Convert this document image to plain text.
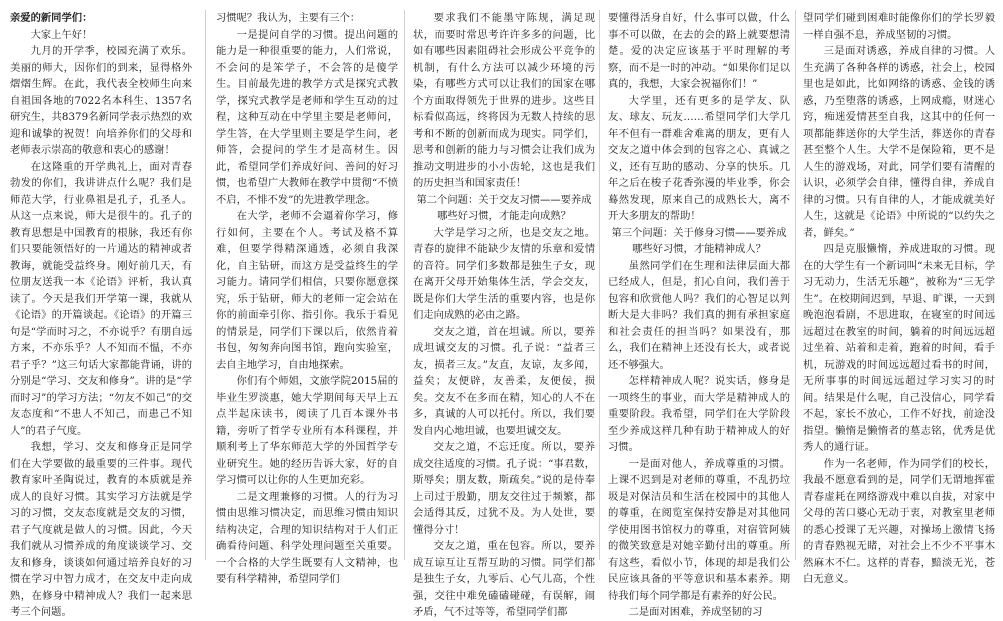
亲爱的新同学们：

大家上午好！

九月的开学季，校园充满了欢乐。美丽的师大，因你们的到来，显得格外熠熠生辉。在此，我代表全校师生向来自祖国各地的7022名本科生、1357名研究生，共8379名新同学表示热烈的欢迎和诚挚的祝贺！向培养你们的父母和老师表示崇高的敬意和衷心的感谢！

在这隆重的开学典礼上，面对青春勃发的你们，我讲讲点什么呢？我们是师范大学，行业鼻祖是孔子，孔圣人。从这一点来说，师大是很牛的。孔子的教育思想是中国教育的根脉，我还有你们只要能领悟好的一片通达的精神或者教诲，就能受益终身。刚好前几天，有位朋友送我一本《论语》评析，我认真读了。今天是我们开学第一课，我就从《论语》的开篇谈起。《论语》的开篇三句是“学而时习之，不亦说乎？有朋自远方来，不亦乐乎？人不知而不愠，不亦君子乎？”这三句话大家都能背诵，讲的分别是“学习、交友和修身”。讲的是“学而时习”的学习方法；“勿友不如己”的交友态度和“不患人不知己，而患己不知人”的君子气度。

我想，学习、交友和修身正是同学们在大学要做的最重要的三件事。现代教育家叶圣陶说过，教育的本质就是养成人的良好习惯。其实学习方法就是学习的习惯，交友态度就是交友的习惯，君子气度就是做人的习惯。因此，今天我们就从习惯养成的角度谈谈学习、交友和修身，谈谈如何通过培养良好的习惯在学习中智力成才，在交友中走向成熟，在修身中精神成人？我们一起来思考三个问题。

习惯呢？我认为，主要有三个：

一是提问自学的习惯。提出问题的能力是一种很重要的能力，人们常说，不会问的是笨学子，不会答的是傻学生。目前最先进的教学方式是探究式教学，探究式教学是老师和学生互动的过程，这种互动在中学里主要是老师问，学生答，在大学里则主要是学生问，老师答，会提问的学生才是高材生。因此，希望同学们养成好问、善问的好习惯，也希望广大教师在教学中贯彻“不愤不启，不悱不发”的先进教学理念。

在大学，老师不会逼着你学习，修行如何，主要在个人。考试及格不算难，但要学得精深通透，必须自我深化，自主钻研，而这方是受益终生的学习能力。请同学们相信，只要你愿意探究，乐于钻研，师大的老师一定会站在你的前面牵引你、指引你。我乐于看见的情景是，同学们下课以后，依然肯着书包，匆匆奔向图书馆，跑向实验室，去自主地学习，自由地探索。

你们有个师姐，文旅学院2015届的毕业生罗淡惠，她大学期间每天早上五点半起床读书，阅读了几百本课外书籍，旁听了哲学专业所有本科课程，并顺利考上了华东师范大学的外国哲学专业研究生。她的经历告诉大家，好的自学习惯可以让你的人生更加充彩。

二是文理兼修的习惯。人的行为习惯由思维习惯决定，而思维习惯由知识结构决定，合理的知识结构对于人们正确看待问题、科学处理问题至关重要。一个合格的大学生既要有人文精神，也要有科学精神，希望同学们

要求我们不能墨守陈规，满足现状，而要时常思考许许多多的问题，比如有哪些因素阻碍社会形成公平竞争的机制，有什么方法可以减少环境的污染，有哪些方式可以让我们的国家在哪个方面取得领先于世界的进步。这些目标看似高远，终将因为无数人持续的思考和不断的创新而成为现实。同学们，思考和创新的能力与习惯会让我们成为推动文明进步的小小齿轮，这也是我们的历史担当和国家责任！

第二个问题：关于交友习惯——要养成哪些好习惯，才能走向成熟？

大学是学习之所，也是交友之地。青春的旋律不能缺少友情的乐章和爱情的音符。同学们多数都是独生子女，现在离开父母开始集体生活，学会交友，既是你们大学生活的重要内容，也是你们走向成熟的必由之路。

交友之道，首在坦诚。所以，要养成坦诚交友的习惯。孔子说：“益者三友，损者三友。”友直，友谅，友多闻，益矣；友便辟，友善柔，友便佞，损矣。交友不在多而在精，知心的人不在多，真诚的人可以托付。所以，我们要发自内心地坦诚，也要坦诚交友。

交友之道，不忘迁度。所以，要养成交往适度的习惯。孔子说：“事君数，斯辱矣；朋友数，斯疏矣。”说的是侍奉上司过于殷勤，朋友交往过于频繁，都会适得其反，过犹不及。为人处世，要懂得分寸！

交友之道，重在包容。所以，要养成互谅互让互帮互助的习惯。同学们都是独生子女，九零后、心气儿高，个性强，交往中难免磕磕碰碰，有误解，闹矛盾，气不过等等，希望同学们都

要懂得活身自好，什么事可以做，什么事不可以做，在去的会的路上就要想清楚。爱的决定应该基于平时理解的考察，而不是一时的冲动。“如果你们足以真的，我想，大家会祝福你们！”

大学里，还有更多的是学友、队友、球友、玩友……希望同学们大学几年不但有一群难舍难离的朋友，更有人交友之道中体会到的包容之心、真诚之义，还有互助的感动、分享的快乐。几年之后在梭子花香弥漫的毕业季，你会蓦然发现，原来自己的成熟长大，离不开大多朋友的帮助！

第三个问题：关于修身习惯——要养成哪些好习惯，才能精神成人？

虽然同学们在生理和法律层面大都已经成人，但是，扪心自问，我们善于包容和欣赏他人吗？我们的心智足以判断大是大非吗？我们真的拥有承担家庭和社会责任的担当吗？如果没有，那么，我们在精神上还没有长大，或者说还不够强大。

怎样精神成人呢？说实话，修身是一项终生的事业，而大学是精神成人的重要阶段。我希望，同学们在大学阶段至少养成这样几种有助于精神成人的好习惯。

一是面对他人，养成尊重的习惯。上课不迟到是对老师的尊重，不乱扔垃圾是对保洁员和生活在校园中的其他人的尊重，在阅览室保持安静是对其他同学使用图书馆权力的尊重，对宿管阿姨的微笑致意是对她辛勤付出的尊重。所有这些，看似小节，体现的却是我们公民应该具备的平等意识和基本素养。期待我们每个同学都是有素养的好公民。

二是面对困难，养成坚韧的习

望同学们碰到困难时能像你们的学长罗毅一样自强不息，养成坚韧的习惯。

三是面对诱惑，养成自律的习惯。人生充满了各种各样的诱惑，社会上，校园里也是如此，比如网络的诱惑、金钱的诱惑，乃至堕落的诱惑，上网成瘾，财迷心窍，痴迷爱情甚至自我，这其中的任何一项都能葬送你的大学生活，葬送你的青春甚至整个人生。大学不是保险箱，更不是人生的游戏场，对此，同学们要有清醒的认识，必须学会自律，懂得自律，养成自律的习惯。只有自律的人，才能成就美好人生，这就是《论语》中所说的“以约失之者，鲜矣。”

四是克服懒惰，养成进取的习惯。现在的大学生有一个新词叫“未来无目标，学习无动力，生活无乐趣”，被称为“三无学生”。在校期间迟到，早退、旷课，一天到晚泡泡看剧，不思进取，在寝室的时间远远超过在教室的时间，躺着的时间远远超过坐着、站着和走着，跑着的时间，看手机，玩游戏的时间远远超过看书的时间，无所事事的时间远远超过学习实习的时间。结果是什么呢，自己没信心，同学看不起，家长不放心，工作不好找，前途没指望。懒惰是懒惰者的墓志铭，优秀是优秀人的通行证。

作为一名老师，作为同学们的校长，我最不愿意看到的是，同学们无谓地挥霍青春虚耗在网络游戏中难以自拔，对家中父母的苦口婆心无动于衷，对教室里老师的悉心授课了无兴趣，对操场上激情飞扬的青春熟视无睹，对社会上不少不平事木然麻木不仁。这样的青春，黯淡无光，苍白无意义。
